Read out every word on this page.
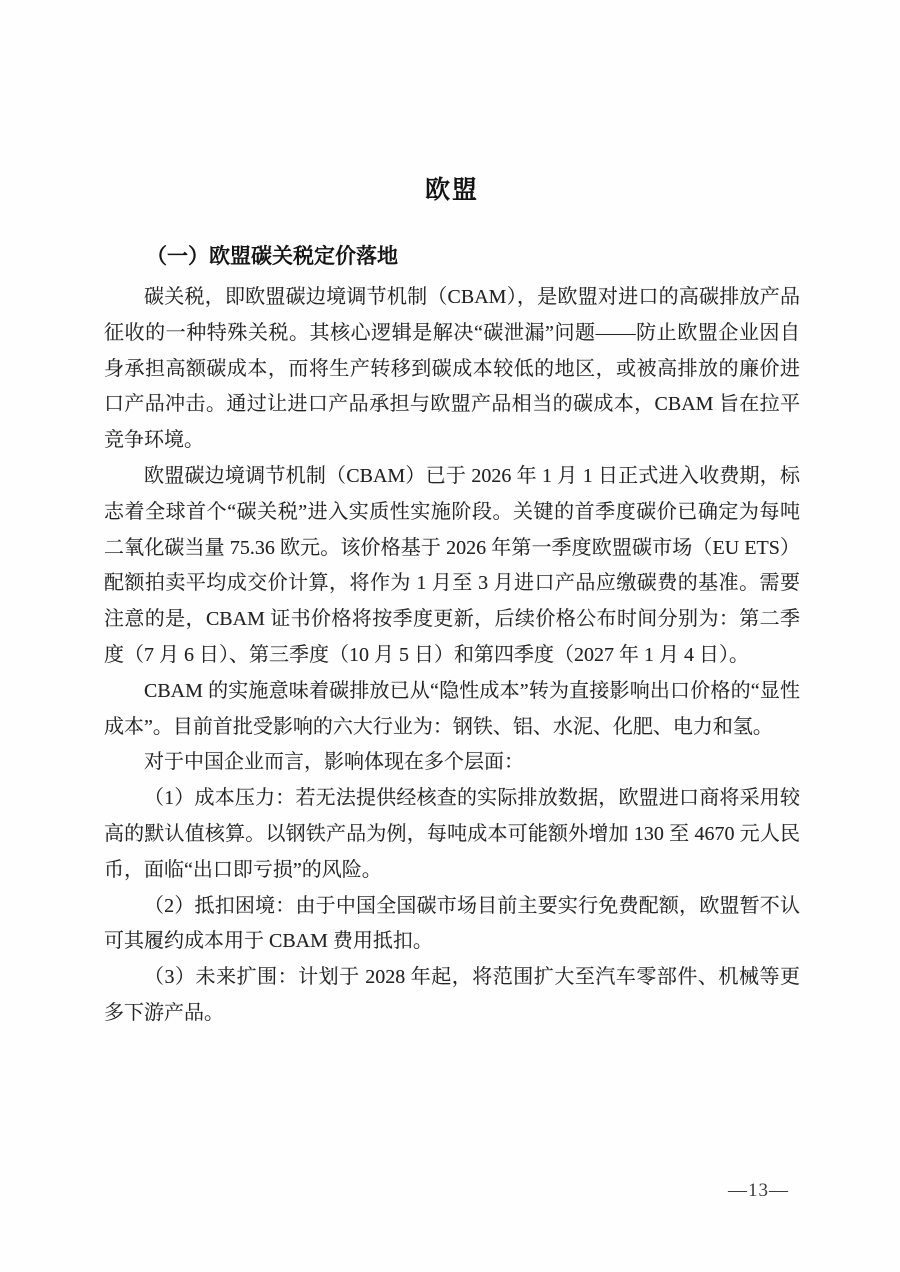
欧盟
（一）欧盟碳关税定价落地

碳关税，即欧盟碳边境调节机制（CBAM），是欧盟对进口的高碳排放产品征收的一种特殊关税。其核心逻辑是解决“碳泄漏”问题——防止欧盟企业因自身承担高额碳成本，而将生产转移到碳成本较低的地区，或被高排放的廉价进口产品冲击。通过让进口产品承担与欧盟产品相当的碳成本，CBAM 旨在拉平竞争环境。

欧盟碳边境调节机制（CBAM）已于 2026 年 1 月 1 日正式进入收费期，标志着全球首个“碳关税”进入实质性实施阶段。关键的首季度碳价已确定为每吨二氧化碳当量 75.36 欧元。该价格基于 2026 年第一季度欧盟碳市场（EU ETS）配额拍卖平均成交价计算，将作为 1 月至 3 月进口产品应缴碳费的基准。需要注意的是，CBAM 证书价格将按季度更新，后续价格公布时间分别为：第二季度（7 月 6 日）、第三季度（10 月 5 日）和第四季度（2027 年 1 月 4 日）。

CBAM 的实施意味着碳排放已从“隐性成本”转为直接影响出口价格的“显性成本”。目前首批受影响的六大行业为：钢铁、铝、水泥、化肥、电力和氢。

对于中国企业而言，影响体现在多个层面：

（1）成本压力：若无法提供经核查的实际排放数据，欧盟进口商将采用较高的默认值核算。以钢铁产品为例，每吨成本可能额外增加 130 至 4670 元人民币，面临“出口即亏损”的风险。

（2）抵扣困境：由于中国全国碳市场目前主要实行免费配额，欧盟暂不认可其履约成本用于 CBAM 费用抵扣。

（3）未来扩围：计划于 2028 年起，将范围扩大至汽车零部件、机械等更多下游产品。

—13—
